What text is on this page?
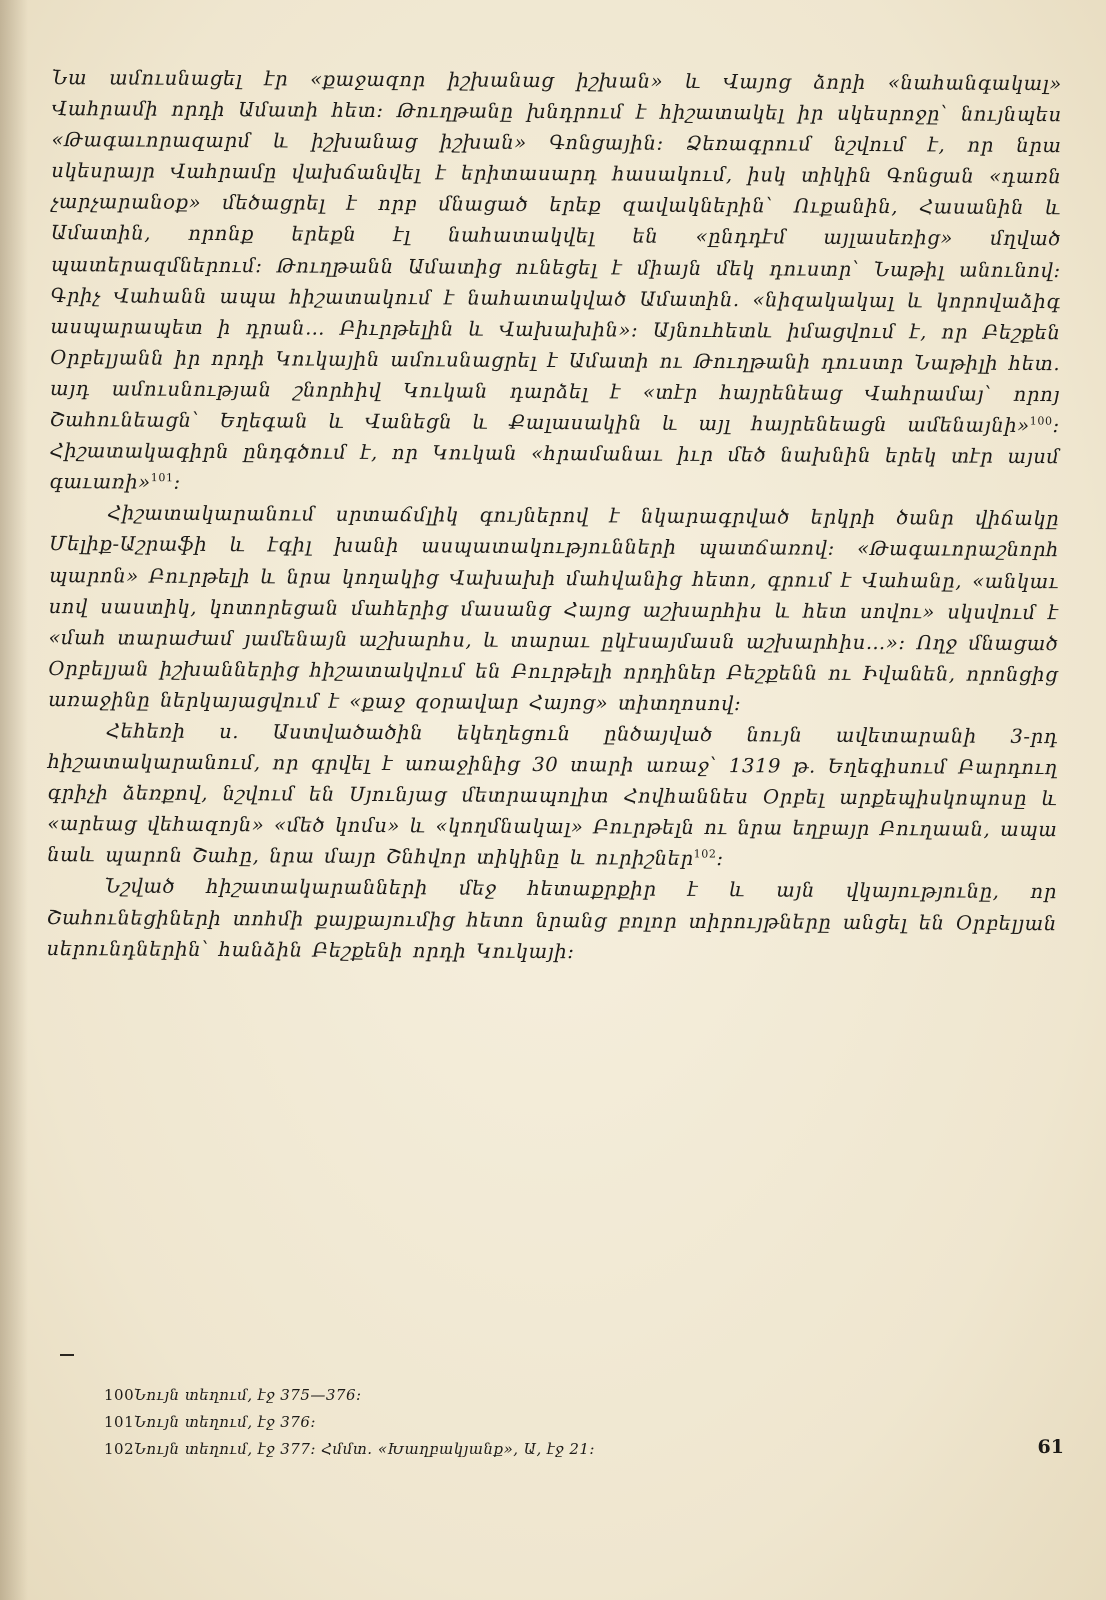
Նա ամուսնացել էր «քաջազոր իշխանաց իշխան» և Վայոց ձորի «նահանգակալ» Վահրամի որդի Ամատի հետ։ Թուղթանը խնդրում է հիշատակել իր սկեսրոջը՝ նույնպես «Թագաւորազարմ և իշխանաց իշխան» Գոնցային։ Ձեռագրում նշվում է, որ նրա սկեսրայր Վահրամը վախճանվել է երիտասարդ հասակում, իսկ տիկին Գոնցան «դառն չարչարանօք» մեծացրել է որբ մնացած երեք զավակներին՝ Ուքանին, Հասանին և Ամատին, որոնք երեքն էլ նահատակվել են «ընդդէմ այլասեռից» մղված պատերազմներում։ Թուղթանն Ամատից ունեցել է միայն մեկ դուստր՝ Նաթիլ անունով։ Գրիչ Վահանն ապա հիշատակում է նահատակված Ամատին. «նիզակակալ և կորովաձիգ ասպարապետ ի դրան… Բիւրթելին և Վախախին»։ Այնուհետև իմացվում է, որ Բեշքեն Օրբելյանն իր որդի Կուկային ամուսնացրել է Ամատի ու Թուղթանի դուստր Նաթիլի հետ. այդ ամուսնության շնորհիվ Կուկան դարձել է «տէր հայրենեաց Վահրամայ՝ որոյ Շահունեացն՝ Եղեգան և Վանեցն և Քալասակին և այլ հայրենեացն ամենայնի»$^{100}$։ Հիշատակագիրն ընդգծում է, որ Կուկան «հրամանաւ իւր մեծ նախնին երեկ տէր այսմ գաւառի»$^{101}$։

Հիշատակարանում սրտաճմլիկ գույներով է նկարագրված երկրի ծանր վիճակը Մելիք-Աշրաֆի և էգիլ խանի ասպատակությունների պատճառով։ «Թագաւորաշնորհ պարոն» Բուրթելի և նրա կողակից Վախախի մահվանից հետո, գրում է Վահանը, «անկաւ սով սաստիկ, կոտորեցան մահերից մասանց Հայոց աշխարհիս և հետ սովու» սկսվում է «մահ տարաժամ յամենայն աշխարհս, և տարաւ ըկէսայմասն աշխարհիս…»։ Ողջ մնացած Օրբելյան իշխաններից հիշատակվում են Բուրթելի որդիներ Բեշքենն ու Իվանեն, որոնցից առաջինը ներկայացվում է «քաջ զօրավար Հայոց» տիտղոսով։

Հեհեռի ս. Աստվածածին եկեղեցուն ընծայված նույն ավետարանի 3-րդ հիշատակարանում, որ գրվել է առաջինից 30 տարի առաջ՝ 1319 թ. Եղեգիսում Բարդուղ գրիչի ձեռքով, նշվում են Սյունյաց մետրապոլիտ Հովհաննես Օրբել արքեպիսկոպոսը և «արեաց վեհազոյն» «մեծ կոմս» և «կողմնակալ» Բուրթելն ու նրա եղբայր Բուղաան, ապա նաև պարոն Շահը, նրա մայր Շնհվոր տիկինը և ուրիշներ$^{102}$։

Նշված հիշատակարանների մեջ հետաքրքիր է և այն վկայությունը, որ Շահունեցիների տոհմի քայքայումից հետո նրանց բոլոր տիրույթները անցել են Օրբելյան սերունդներին՝ հանձին Բեշքենի որդի Կուկայի։

100Նույն տեղում, էջ 375—376։
101Նույն տեղում, էջ 376։
102Նույն տեղում, էջ 377։ Հմմտ. «Խաղբակյանք», Ա, էջ 21։	61
